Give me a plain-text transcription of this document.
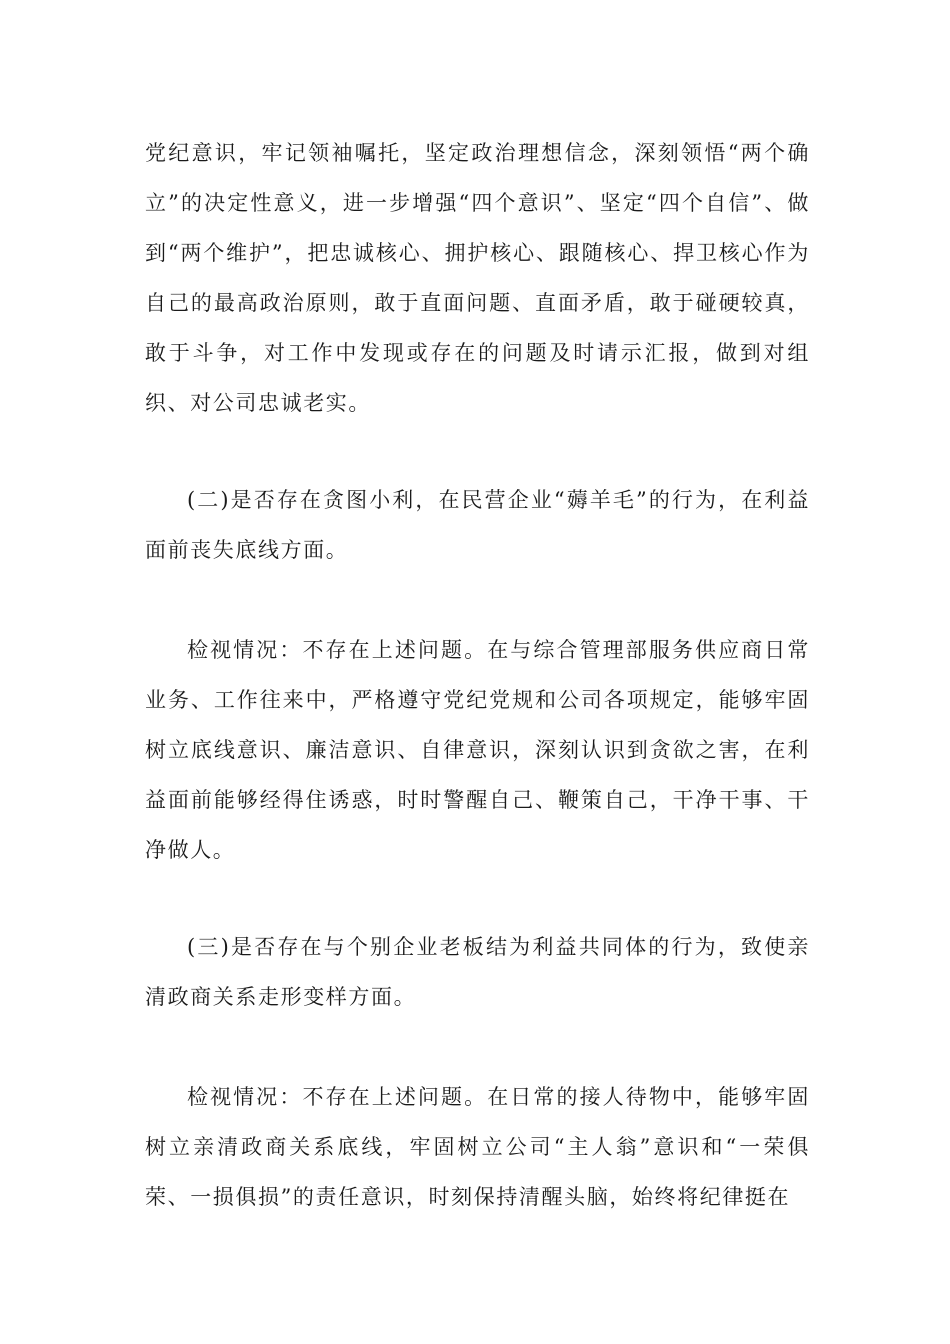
党纪意识，牢记领袖嘱托，坚定政治理想信念，深刻领悟“两个确立”的决定性意义，进一步增强“四个意识”、坚定“四个自信”、做到“两个维护”，把忠诚核心、拥护核心、跟随核心、捍卫核心作为自己的最高政治原则，敢于直面问题、直面矛盾，敢于碰硬较真，敢于斗争，对工作中发现或存在的问题及时请示汇报，做到对组织、对公司忠诚老实。

(二)是否存在贪图小利，在民营企业“薅羊毛”的行为，在利益面前丧失底线方面。

检视情况：不存在上述问题。在与综合管理部服务供应商日常业务、工作往来中，严格遵守党纪党规和公司各项规定，能够牢固树立底线意识、廉洁意识、自律意识，深刻认识到贪欲之害，在利益面前能够经得住诱惑，时时警醒自己、鞭策自己，干净干事、干净做人。

(三)是否存在与个别企业老板结为利益共同体的行为，致使亲清政商关系走形变样方面。

检视情况：不存在上述问题。在日常的接人待物中，能够牢固树立亲清政商关系底线，牢固树立公司“主人翁”意识和“一荣俱荣、一损俱损”的责任意识，时刻保持清醒头脑，始终将纪律挺在
